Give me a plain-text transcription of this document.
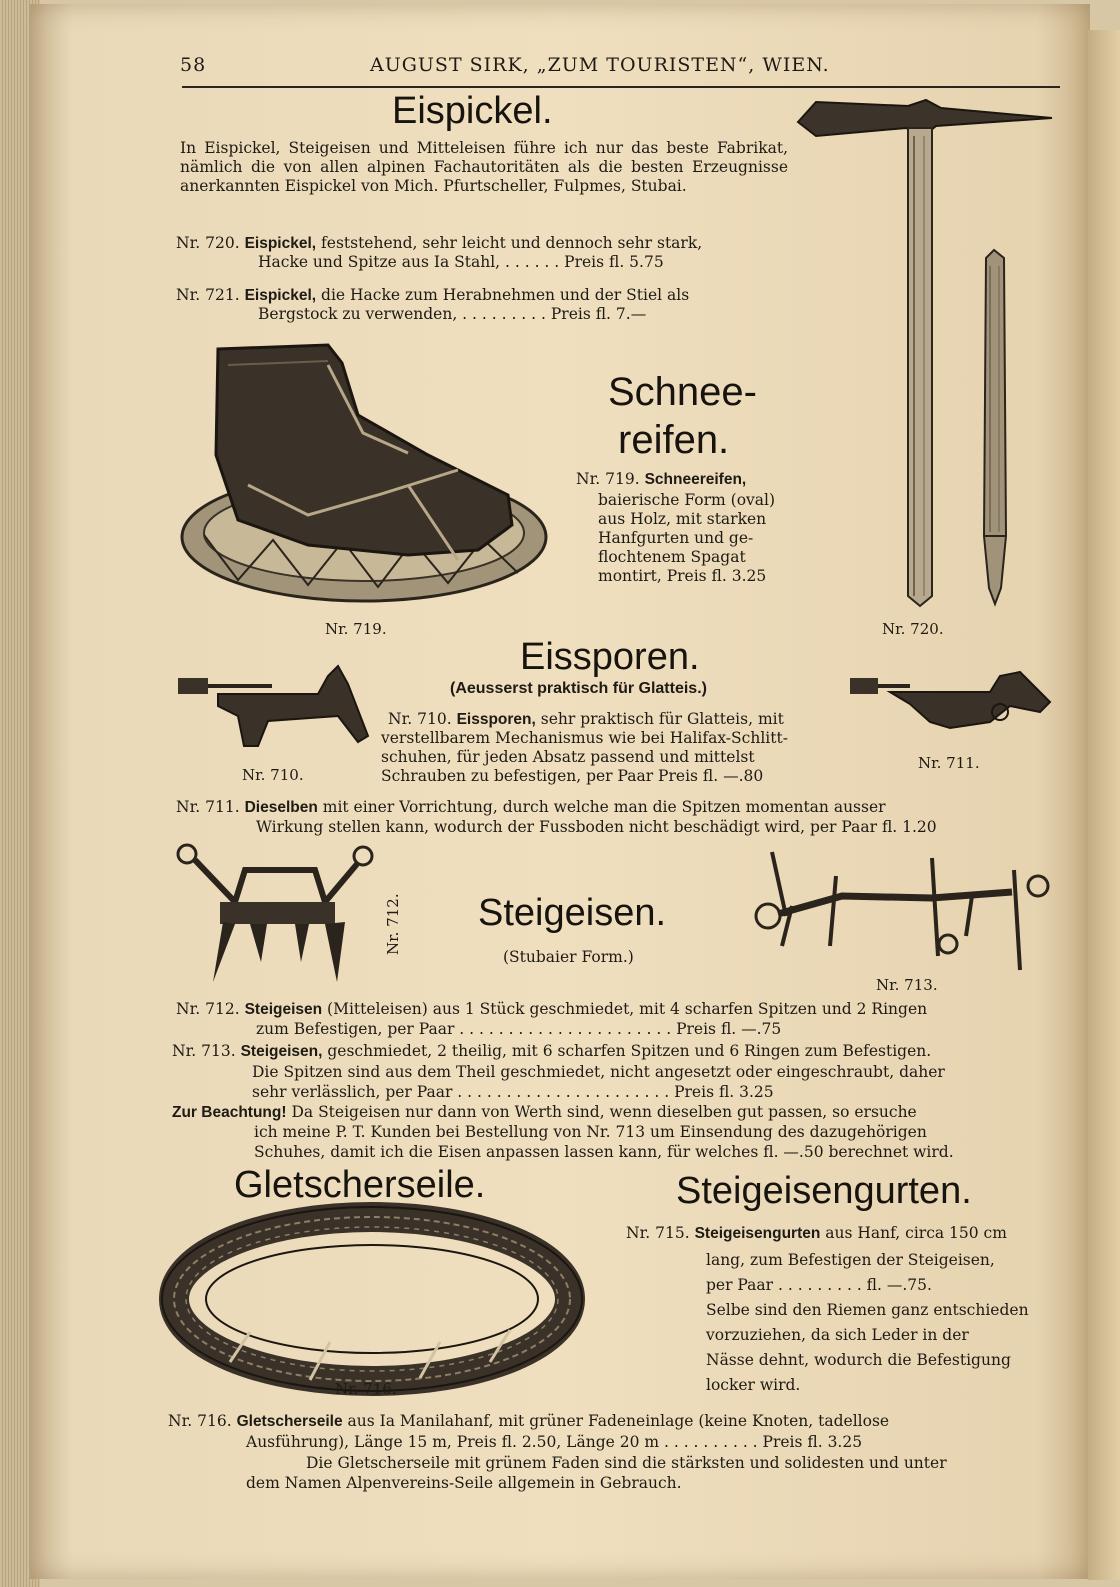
58	AUGUST SIRK, „ZUM TOURISTEN“, WIEN.
Eispickel.
In Eispickel, Steigeisen und Mitteleisen führe ich nur das beste Fabrikat, nämlich die von allen alpinen Fachautoritäten als die besten Erzeugnisse anerkannten Eispickel von Mich. Pfurtscheller, Fulpmes, Stubai.
Nr. 720. Eispickel, feststehend, sehr leicht und dennoch sehr stark,
Hacke und Spitze aus Ia Stahl, . . . . . . Preis fl. 5.75
Nr. 721. Eispickel, die Hacke zum Herabnehmen und der Stiel als
Bergstock zu verwenden, . . . . . . . . . Preis fl. 7.—
Nr. 720.
Nr. 719.
Schnee-
reifen.
Nr. 719. Schneereifen,
baierische Form (oval)
aus Holz, mit starken
Hanfgurten und ge-
flochtenem Spagat
montirt, Preis fl. 3.25
Eissporen.
(Aeusserst praktisch für Glatteis.)
Nr. 710.
Nr. 710. Eissporen, sehr praktisch für Glatteis, mit
verstellbarem Mechanismus wie bei Halifax-Schlitt-
schuhen, für jeden Absatz passend und mittelst
Schrauben zu befestigen, per Paar Preis fl. —.80
Nr. 711.
Nr. 711. Dieselben mit einer Vorrichtung, durch welche man die Spitzen momentan ausser
Wirkung stellen kann, wodurch der Fussboden nicht beschädigt wird, per Paar fl. 1.20
Nr. 712. Steigeisen.
(Stubaier Form.)
Nr. 713.
Nr. 712. Steigeisen (Mitteleisen) aus 1 Stück geschmiedet, mit 4 scharfen Spitzen und 2 Ringen
zum Befestigen, per Paar . . . . . . . . . . . . . . . . . . . . . . Preis fl. —.75
Nr. 713. Steigeisen, geschmiedet, 2 theilig, mit 6 scharfen Spitzen und 6 Ringen zum Befestigen.
Die Spitzen sind aus dem Theil geschmiedet, nicht angesetzt oder eingeschraubt, daher
sehr verlässlich, per Paar . . . . . . . . . . . . . . . . . . . . . . Preis fl. 3.25
Zur Beachtung! Da Steigeisen nur dann von Werth sind, wenn dieselben gut passen, so ersuche
ich meine P. T. Kunden bei Bestellung von Nr. 713 um Einsendung des dazugehörigen
Schuhes, damit ich die Eisen anpassen lassen kann, für welches fl. —.50 berechnet wird.
Gletscherseile.
Nr. 716.
Steigeisengurten.
Nr. 715. Steigeisengurten aus Hanf, circa 150 cm
lang, zum Befestigen der Steigeisen,
per Paar . . . . . . . . . fl. —.75.
Selbe sind den Riemen ganz entschieden
vorzuziehen, da sich Leder in der
Nässe dehnt, wodurch die Befestigung
locker wird.
Nr. 716. Gletscherseile aus Ia Manilahanf, mit grüner Fadeneinlage (keine Knoten, tadellose
Ausführung), Länge 15 m, Preis fl. 2.50, Länge 20 m . . . . . . . . . . Preis fl. 3.25
Die Gletscherseile mit grünem Faden sind die stärksten und solidesten und unter
dem Namen Alpenvereins-Seile allgemein in Gebrauch.
